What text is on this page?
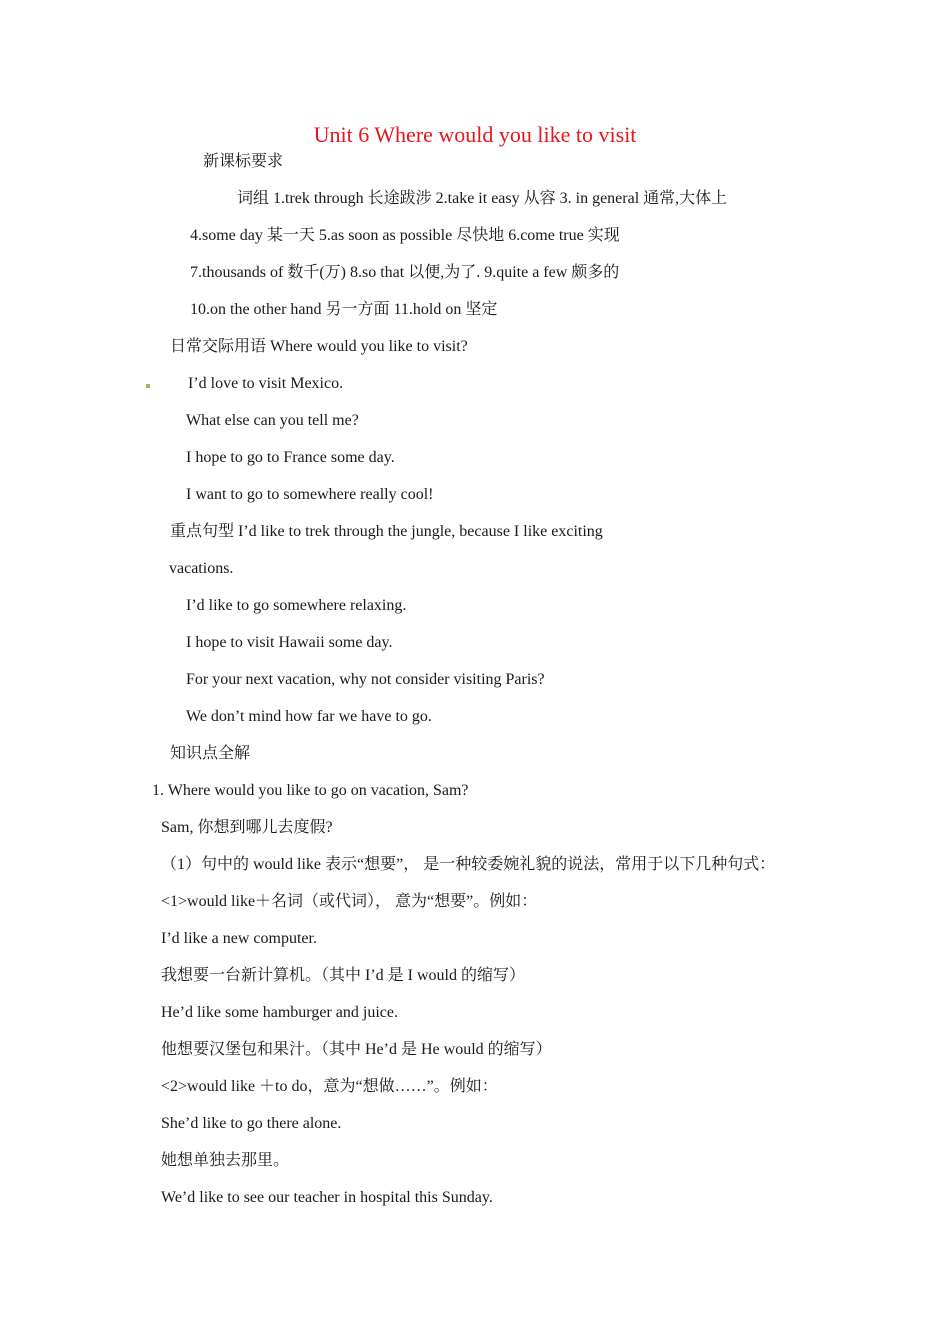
Unit 6 Where would you like to visit
新课标要求
词组 1.trek through 长途跋涉 2.take it easy 从容 3. in general 通常,大体上
4.some day 某一天 5.as soon as possible 尽快地 6.come true 实现
7.thousands of 数千(万) 8.so that 以便,为了. 9.quite a few 颇多的
10.on the other hand 另一方面 11.hold on 坚定
日常交际用语 Where would you like to visit?
I’d love to visit Mexico.
What else can you tell me?
I hope to go to France some day.
I want to go to somewhere really cool!
重点句型 I’d like to trek through the jungle, because I like exciting
vacations.
I’d like to go somewhere relaxing.
I hope to visit Hawaii some day.
For your next vacation, why not consider visiting Paris?
We don’t mind how far we have to go.
知识点全解
1. Where would you like to go on vacation, Sam?
Sam, 你想到哪儿去度假?
（1）句中的 would like 表示“想要”， 是一种较委婉礼貌的说法，常用于以下几种句式：
<1>would like＋名词（或代词）， 意为“想要”。例如：
I’d like a new computer.
我想要一台新计算机。（其中 I’d 是 I would 的缩写）
He’d like some hamburger and juice.
他想要汉堡包和果汁。（其中 He’d 是 He would 的缩写）
<2>would like ＋to do，意为“想做……”。例如：
She’d like to go there alone.
她想单独去那里。
We’d like to see our teacher in hospital this Sunday.
